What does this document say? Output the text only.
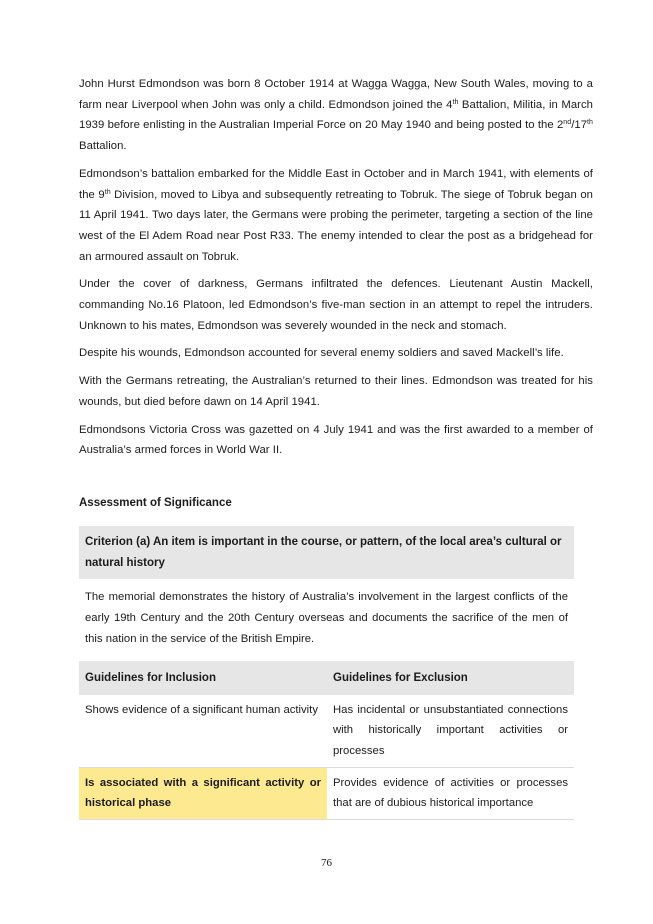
John Hurst Edmondson was born 8 October 1914 at Wagga Wagga, New South Wales, moving to a farm near Liverpool when John was only a child. Edmondson joined the 4th Battalion, Militia, in March 1939 before enlisting in the Australian Imperial Force on 20 May 1940 and being posted to the 2nd/17th Battalion.

Edmondson’s battalion embarked for the Middle East in October and in March 1941, with elements of the 9th Division, moved to Libya and subsequently retreating to Tobruk. The siege of Tobruk began on 11 April 1941. Two days later, the Germans were probing the perimeter, targeting a section of the line west of the El Adem Road near Post R33. The enemy intended to clear the post as a bridgehead for an armoured assault on Tobruk.

Under the cover of darkness, Germans infiltrated the defences. Lieutenant Austin Mackell, commanding No.16 Platoon, led Edmondson’s five-man section in an attempt to repel the intruders. Unknown to his mates, Edmondson was severely wounded in the neck and stomach.

Despite his wounds, Edmondson accounted for several enemy soldiers and saved Mackell’s life.

With the Germans retreating, the Australian’s returned to their lines. Edmondson was treated for his wounds, but died before dawn on 14 April 1941.

Edmondsons Victoria Cross was gazetted on 4 July 1941 and was the first awarded to a member of Australia’s armed forces in World War II.

Assessment of Significance
Criterion (a) An item is important in the course, or pattern, of the local area’s cultural or natural history
The memorial demonstrates the history of Australia’s involvement in the largest conflicts of the early 19th Century and the 20th Century overseas and documents the sacrifice of the men of this nation in the service of the British Empire.
Guidelines for Inclusion	Guidelines for Exclusion
Shows evidence of a significant human activity	Has incidental or unsubstantiated connections with historically important activities or processes
Is associated with a significant activity or historical phase	Provides evidence of activities or processes that are of dubious historical importance
76
